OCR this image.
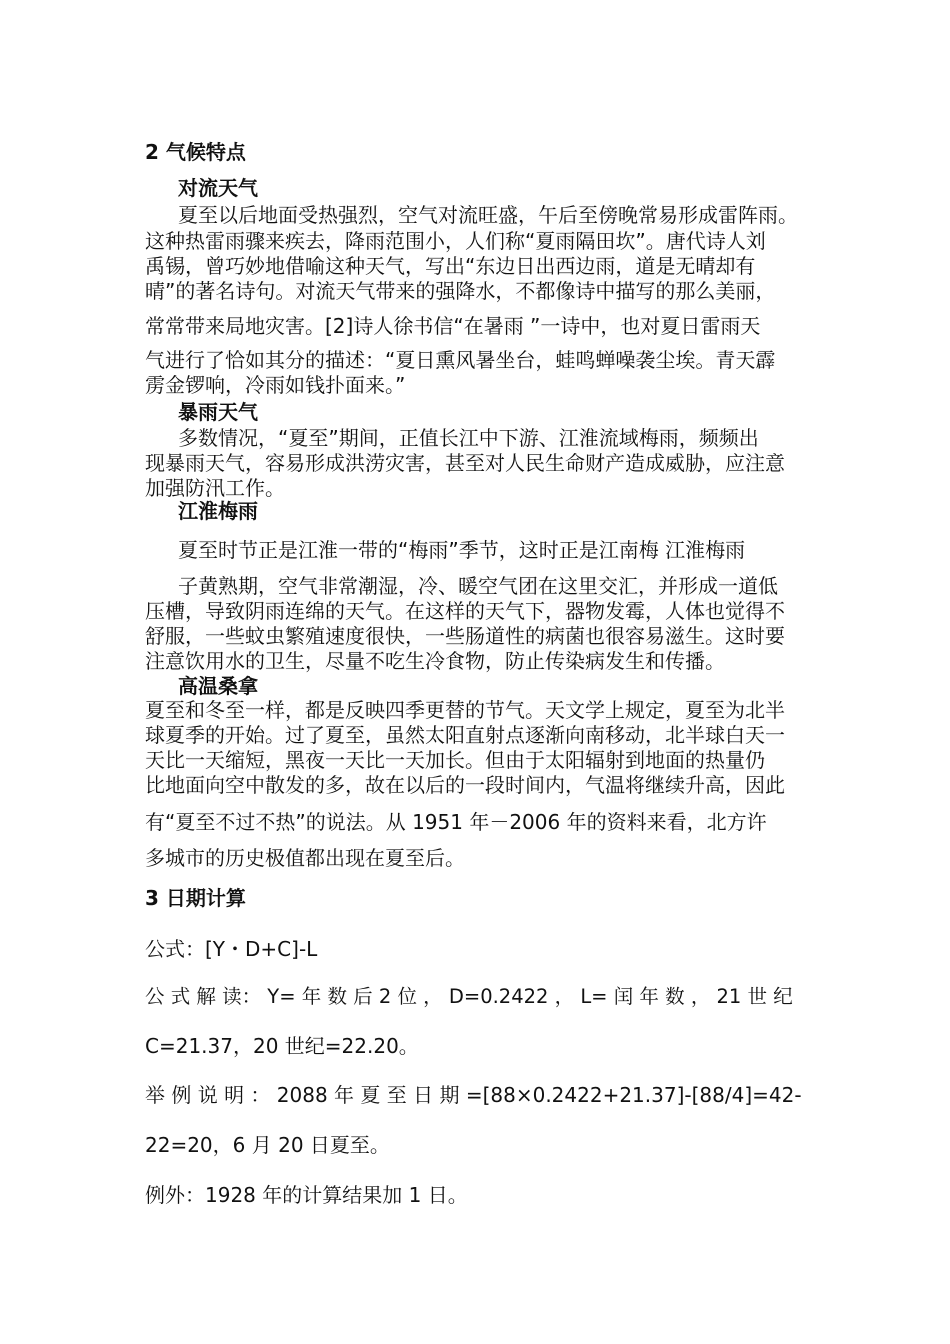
2 气候特点
对流天气
夏至以后地面受热强烈，空气对流旺盛，午后至傍晚常易形成雷阵雨。
这种热雷雨骤来疾去，降雨范围小，人们称“夏雨隔田坎”。唐代诗人刘
禹锡，曾巧妙地借喻这种天气，写出“东边日出西边雨，道是无晴却有
晴”的著名诗句。对流天气带来的强降水，不都像诗中描写的那么美丽，
常常带来局地灾害。[2]诗人徐书信“在暑雨 ”一诗中，也对夏日雷雨天
气进行了恰如其分的描述：“夏日熏风暑坐台，蛙鸣蝉噪袭尘埃。青天霹
雳金锣响，冷雨如钱扑面来。”
暴雨天气
多数情况，“夏至”期间，正值长江中下游、江淮流域梅雨，频频出
现暴雨天气，容易形成洪涝灾害，甚至对人民生命财产造成威胁，应注意
加强防汛工作。
江淮梅雨
夏至时节正是江淮一带的“梅雨”季节，这时正是江南梅 江淮梅雨
子黄熟期，空气非常潮湿，冷、暖空气团在这里交汇，并形成一道低
压槽，导致阴雨连绵的天气。在这样的天气下，器物发霉，人体也觉得不
舒服，一些蚊虫繁殖速度很快，一些肠道性的病菌也很容易滋生。这时要
注意饮用水的卫生，尽量不吃生冷食物，防止传染病发生和传播。
高温桑拿
夏至和冬至一样，都是反映四季更替的节气。天文学上规定，夏至为北半
球夏季的开始。过了夏至，虽然太阳直射点逐渐向南移动，北半球白天一
天比一天缩短，黑夜一天比一天加长。但由于太阳辐射到地面的热量仍
比地面向空中散发的多，故在以后的一段时间内，气温将继续升高，因此
有“夏至不过不热”的说法。从 1951 年－2006 年的资料来看，北方许
多城市的历史极值都出现在夏至后。
3 日期计算
公式：[Y・D+C]-L
公 式 解 读： Y= 年 数 后 2 位 ， D=0.2422 ， L= 闰 年 数 ， 21 世 纪
C=21.37，20 世纪=22.20。
举 例 说 明 ： 2088 年 夏 至 日 期 =[88×0.2422+21.37]-[88/4]=42-
22=20，6 月 20 日夏至。
例外：1928 年的计算结果加 1 日。
